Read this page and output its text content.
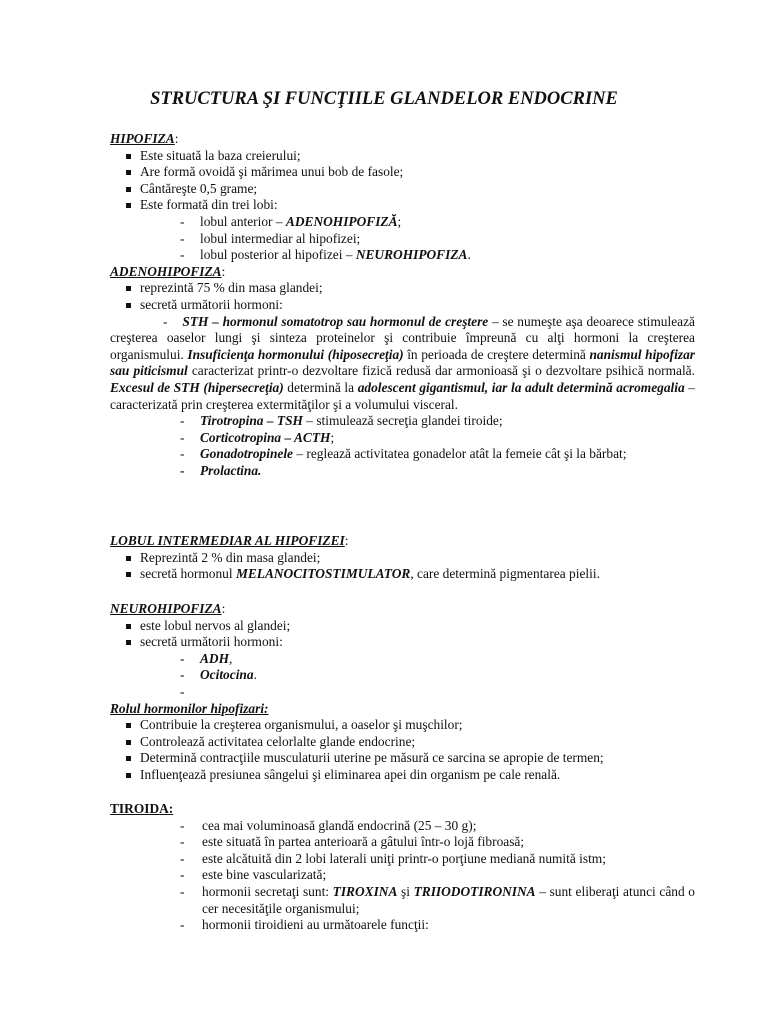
STRUCTURA ŞI FUNCŢIILE GLANDELOR ENDOCRINE
HIPOFIZA:
Este situată la baza creierului;
Are formă ovoidă şi mărimea unui bob de fasole;
Cântăreşte 0,5 grame;
Este formată din trei lobi:
- lobul anterior – ADENOHIPOFIZĂ;
- lobul intermediar al hipofizei;
- lobul posterior al hipofizei – NEUROHIPOFIZA.
ADENOHIPOFIZA:
reprezintă 75 % din masa glandei;
secretă următorii hormoni:
- STH – hormonul somatotrop sau hormonul de creştere – se numeşte aşa deoarece stimulează creşterea oaselor lungi şi sinteza proteinelor şi contribuie împreună cu alţi hormoni la creşterea organismului. Insuficienţa hormonului (hiposecreţia) în perioada de creştere determină nanismul hipofizar sau piticismul caracterizat printr-o dezvoltare fizică redusă dar armonioasă şi o dezvoltare psihică normală. Excesul de STH (hipersecreţia) determină la adolescent gigantismul, iar la adult determină acromegalia – caracterizată prin creşterea extermităţilor şi a volumului visceral.
- Tirotropina – TSH – stimulează secreţia glandei tiroide;
- Corticotropina – ACTH;
- Gonadotropinele – reglează activitatea gonadelor atât la femeie cât şi la bărbat;
- Prolactina.
LOBUL INTERMEDIAR AL HIPOFIZEI:
Reprezintă 2 % din masa glandei;
secretă hormonul MELANOCITOSTIMULATOR, care determină pigmentarea pielii.
NEUROHIPOFIZA:
este lobul nervos al glandei;
secretă următorii hormoni:
- ADH,
- Ocitocina.
-

Rolul hormonilor hipofizari:
Contribuie la creşterea organismului, a oaselor şi muşchilor;
Controlează activitatea celorlalte glande endocrine;
Determină contracţiile musculaturii uterine pe măsură ce sarcina se apropie de termen;
Influenţează presiunea sângelui şi eliminarea apei din organism pe cale renală.
TIROIDA:
- cea mai voluminoasă glandă endocrină (25 – 30 g);
- este situată în partea anterioară a gâtului într-o lojă fibroasă;
- este alcătuită din 2 lobi laterali uniţi printr-o porţiune mediană numită istm;
- este bine vascularizată;
- hormonii secretaţi sunt: TIROXINA şi TRIIODOTIRONINA – sunt eliberaţi atunci când o cer necesităţile organismului;
- hormonii tiroidieni au următoarele funcţii:
